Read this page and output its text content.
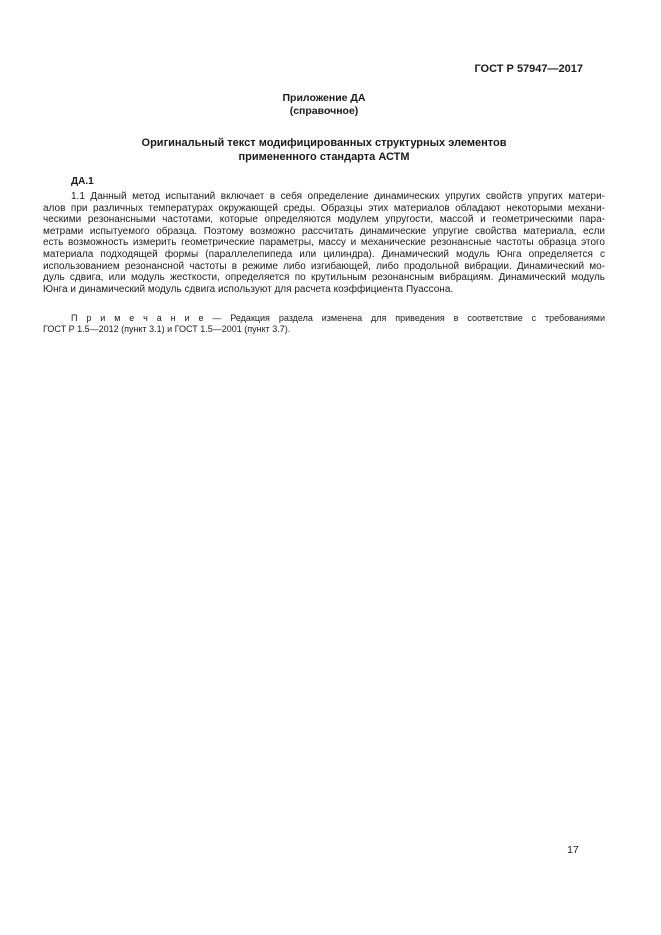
ГОСТ Р 57947—2017
Приложение ДА
(справочное)
Оригинальный текст модифицированных структурных элементов
примененного стандарта АСТМ
ДА.1
1.1 Данный метод испытаний включает в себя определение динамических упругих свойств упругих матери-
алов при различных температурах окружающей среды. Образцы этих материалов обладают некоторыми механи-
ческими резонансными частотами, которые определяются модулем упругости, массой и геометрическими пара-
метрами испытуемого образца. Поэтому возможно рассчитать динамические упругие свойства материала, если
есть возможность измерить геометрические параметры, массу и механические резонансные частоты образца этого
материала подходящей формы (параллелепипеда или цилиндра). Динамический модуль Юнга определяется с
использованием резонансной частоты в режиме либо изгибающей, либо продольной вибрации. Динамический мо-
дуль сдвига, или модуль жесткости, определяется по крутильным резонансным вибрациям. Динамический модуль
Юнга и динамический модуль сдвига используют для расчета коэффициента Пуассона.
П р и м е ч а н и е — Редакция раздела изменена для приведения в соответствие с требованиями
ГОСТ Р 1.5—2012 (пункт 3.1) и ГОСТ 1.5—2001 (пункт 3.7).
17
